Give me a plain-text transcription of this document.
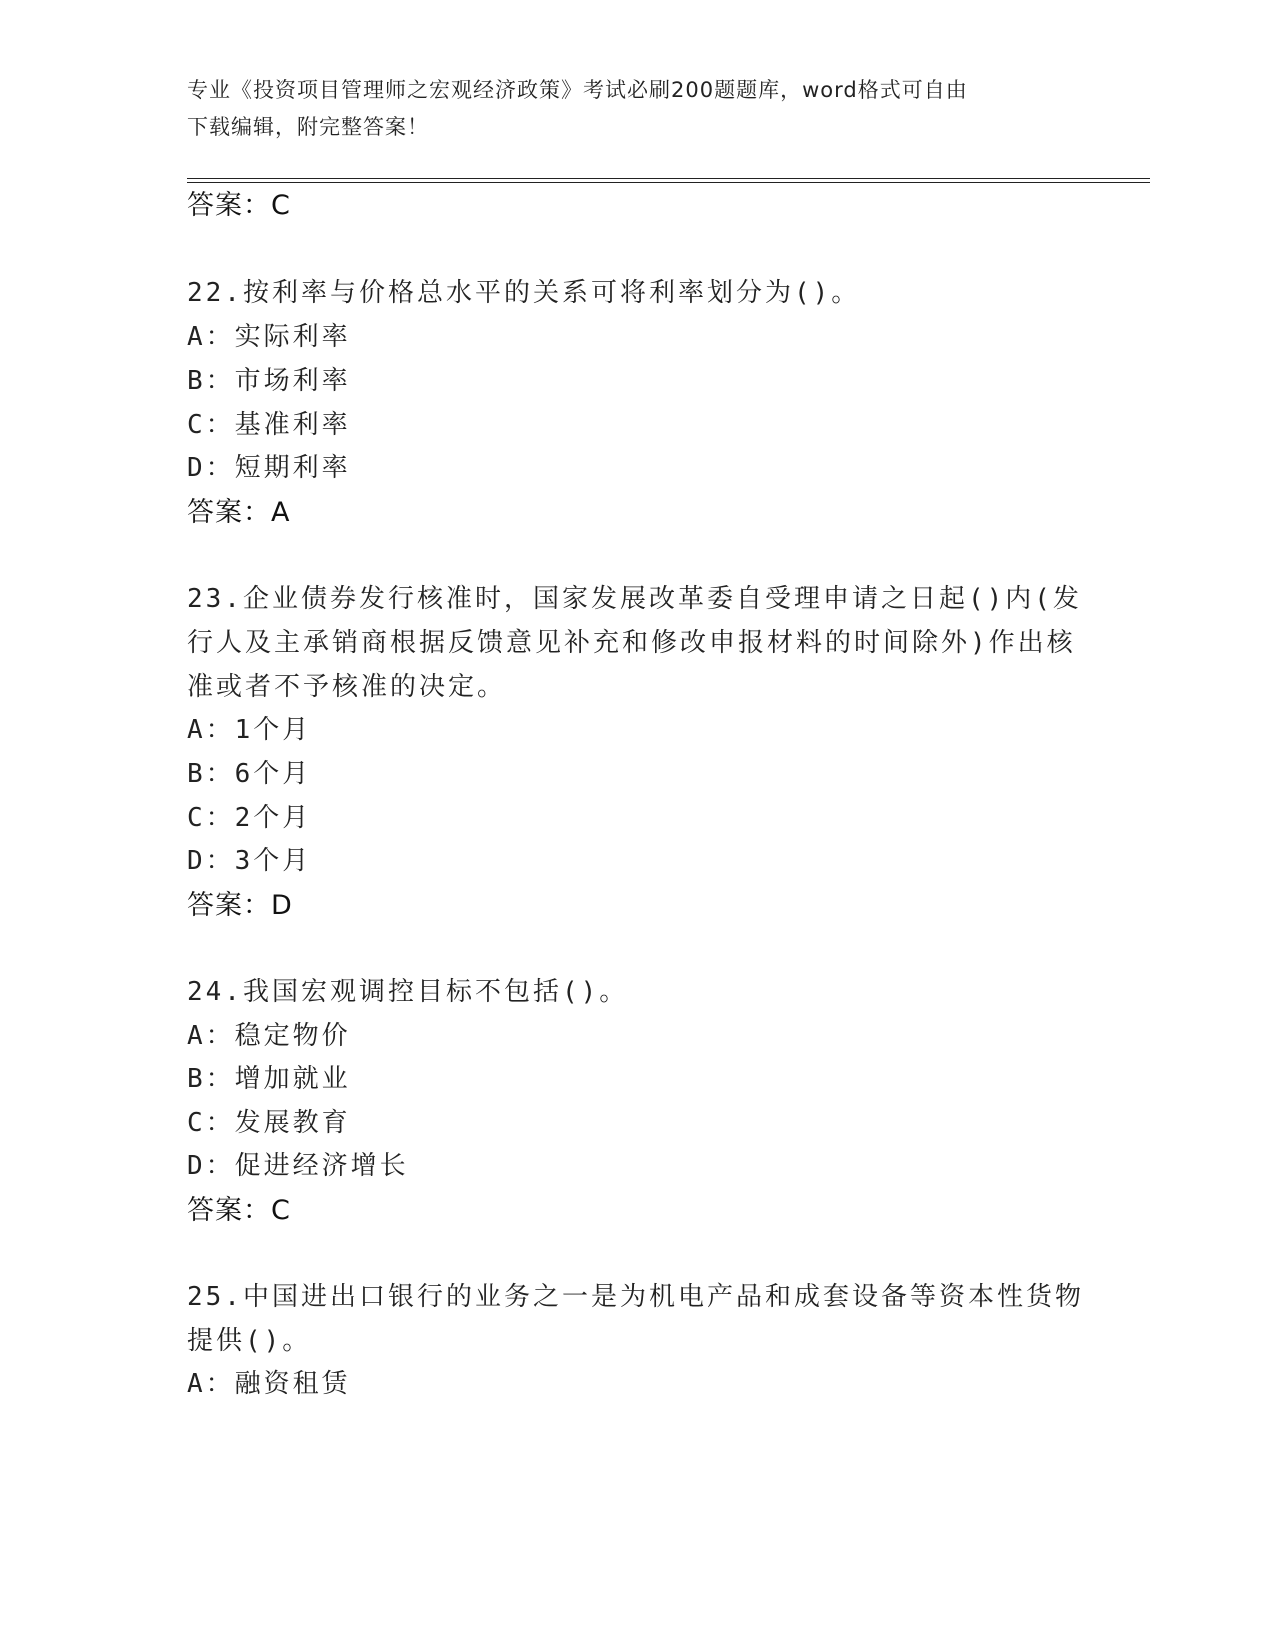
专业《投资项目管理师之宏观经济政策》考试必刷200题题库，word格式可自由
下载编辑，附完整答案！
答案：C
22.按利率与价格总水平的关系可将利率划分为()。
A：实际利率
B：市场利率
C：基准利率
D：短期利率
答案：A
23.企业债券发行核准时，国家发展改革委自受理申请之日起()内(发
行人及主承销商根据反馈意见补充和修改申报材料的时间除外)作出核
准或者不予核准的决定。
A：1个月
B：6个月
C：2个月
D：3个月
答案：D
24.我国宏观调控目标不包括()。
A：稳定物价
B：增加就业
C：发展教育
D：促进经济增长
答案：C
25.中国进出口银行的业务之一是为机电产品和成套设备等资本性货物
提供()。
A：融资租赁
